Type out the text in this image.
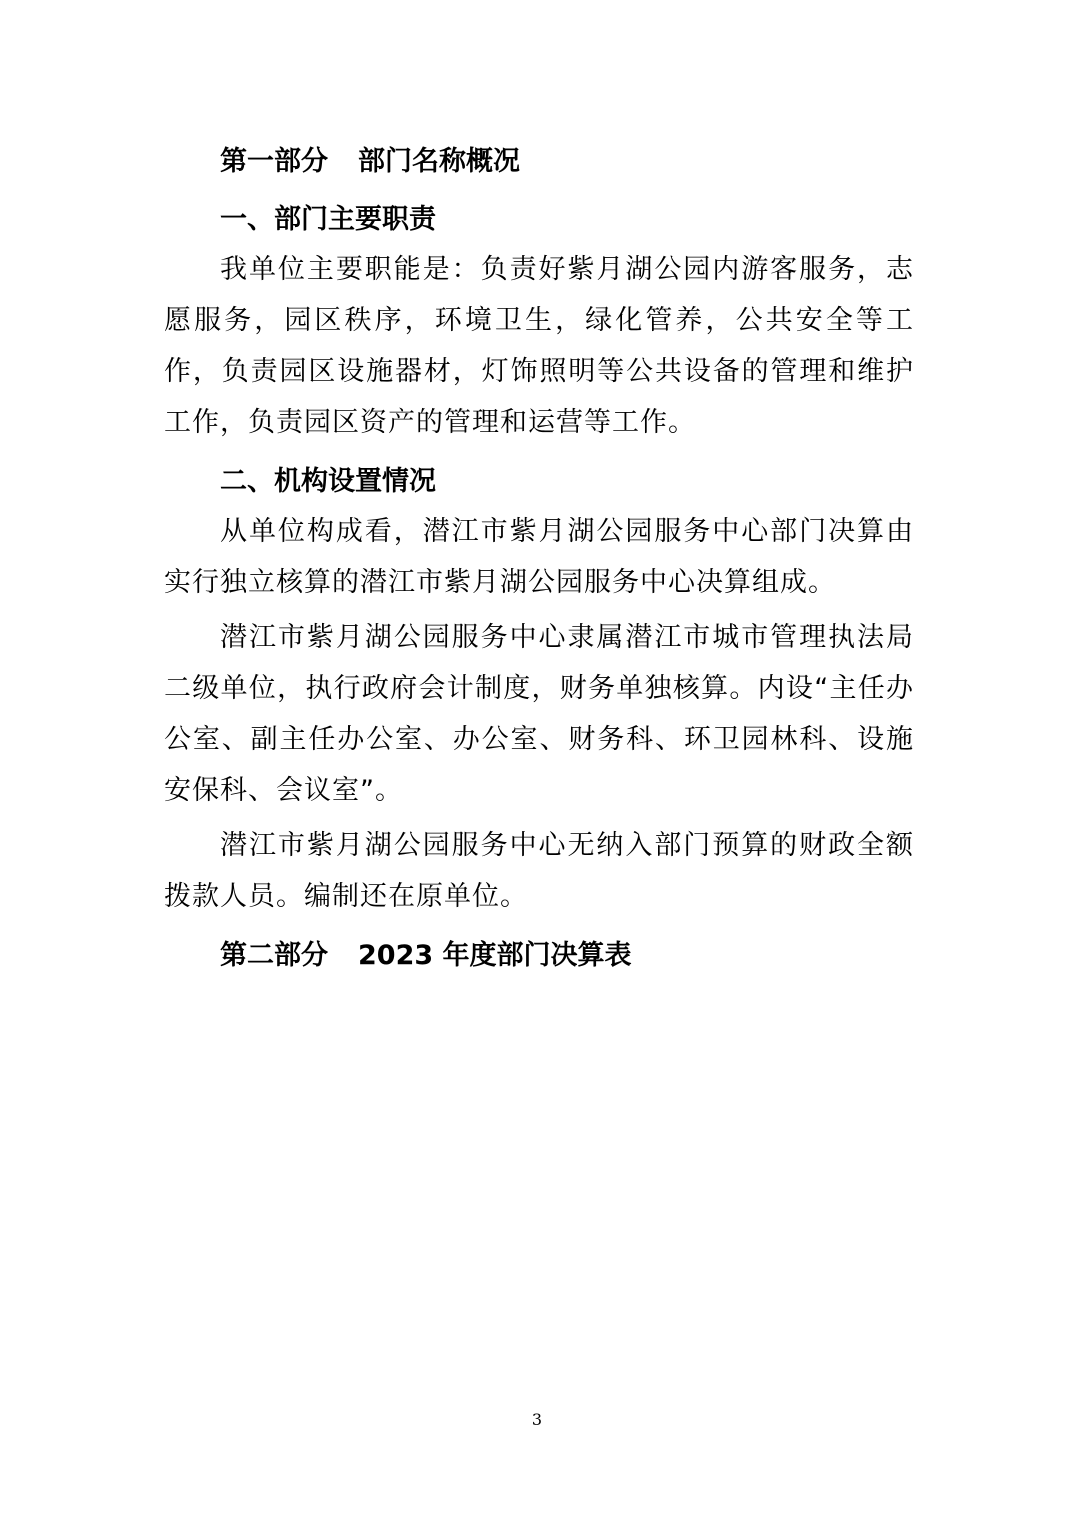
第一部分 部门名称概况
一、部门主要职责

我单位主要职能是：负责好紫月湖公园内游客服务，志愿服务，园区秩序，环境卫生，绿化管养，公共安全等工作，负责园区设施器材，灯饰照明等公共设备的管理和维护工作，负责园区资产的管理和运营等工作。

二、机构设置情况

从单位构成看，潜江市紫月湖公园服务中心部门决算由实行独立核算的潜江市紫月湖公园服务中心决算组成。

潜江市紫月湖公园服务中心隶属潜江市城市管理执法局二级单位，执行政府会计制度，财务单独核算。内设“主任办公室、副主任办公室、办公室、财务科、环卫园林科、设施安保科、会议室”。

潜江市紫月湖公园服务中心无纳入部门预算的财政全额拨款人员。编制还在原单位。

第二部分 2023 年度部门决算表
3
